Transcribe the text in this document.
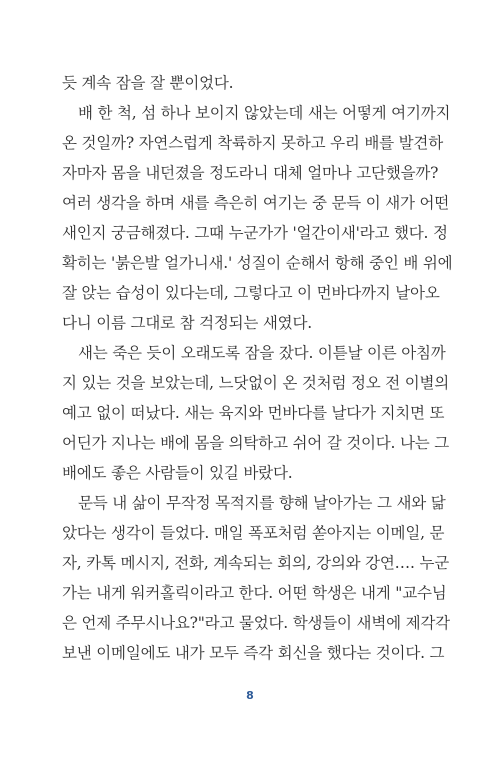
듯 계속 잠을 잘 뿐이었다.
배 한 척, 섬 하나 보이지 않았는데 새는 어떻게 여기까지
온 것일까? 자연스럽게 착륙하지 못하고 우리 배를 발견하
자마자 몸을 내던졌을 정도라니 대체 얼마나 고단했을까?
여러 생각을 하며 새를 측은히 여기는 중 문득 이 새가 어떤
새인지 궁금해졌다. 그때 누군가가 '얼간이새'라고 했다. 정
확히는 '붉은발 얼가니새.' 성질이 순해서 항해 중인 배 위에
잘 앉는 습성이 있다는데, 그렇다고 이 먼바다까지 날아오
다니 이름 그대로 참 걱정되는 새였다.
새는 죽은 듯이 오래도록 잠을 잤다. 이튿날 이른 아침까
지 있는 것을 보았는데, 느닷없이 온 것처럼 정오 전 이별의
예고 없이 떠났다. 새는 육지와 먼바다를 날다가 지치면 또
어딘가 지나는 배에 몸을 의탁하고 쉬어 갈 것이다. 나는 그
배에도 좋은 사람들이 있길 바랐다.
문득 내 삶이 무작정 목적지를 향해 날아가는 그 새와 닮
았다는 생각이 들었다. 매일 폭포처럼 쏟아지는 이메일, 문
자, 카톡 메시지, 전화, 계속되는 회의, 강의와 강연…. 누군
가는 내게 워커홀릭이라고 한다. 어떤 학생은 내게 "교수님
은 언제 주무시나요?"라고 물었다. 학생들이 새벽에 제각각
보낸 이메일에도 내가 모두 즉각 회신을 했다는 것이다. 그
8
